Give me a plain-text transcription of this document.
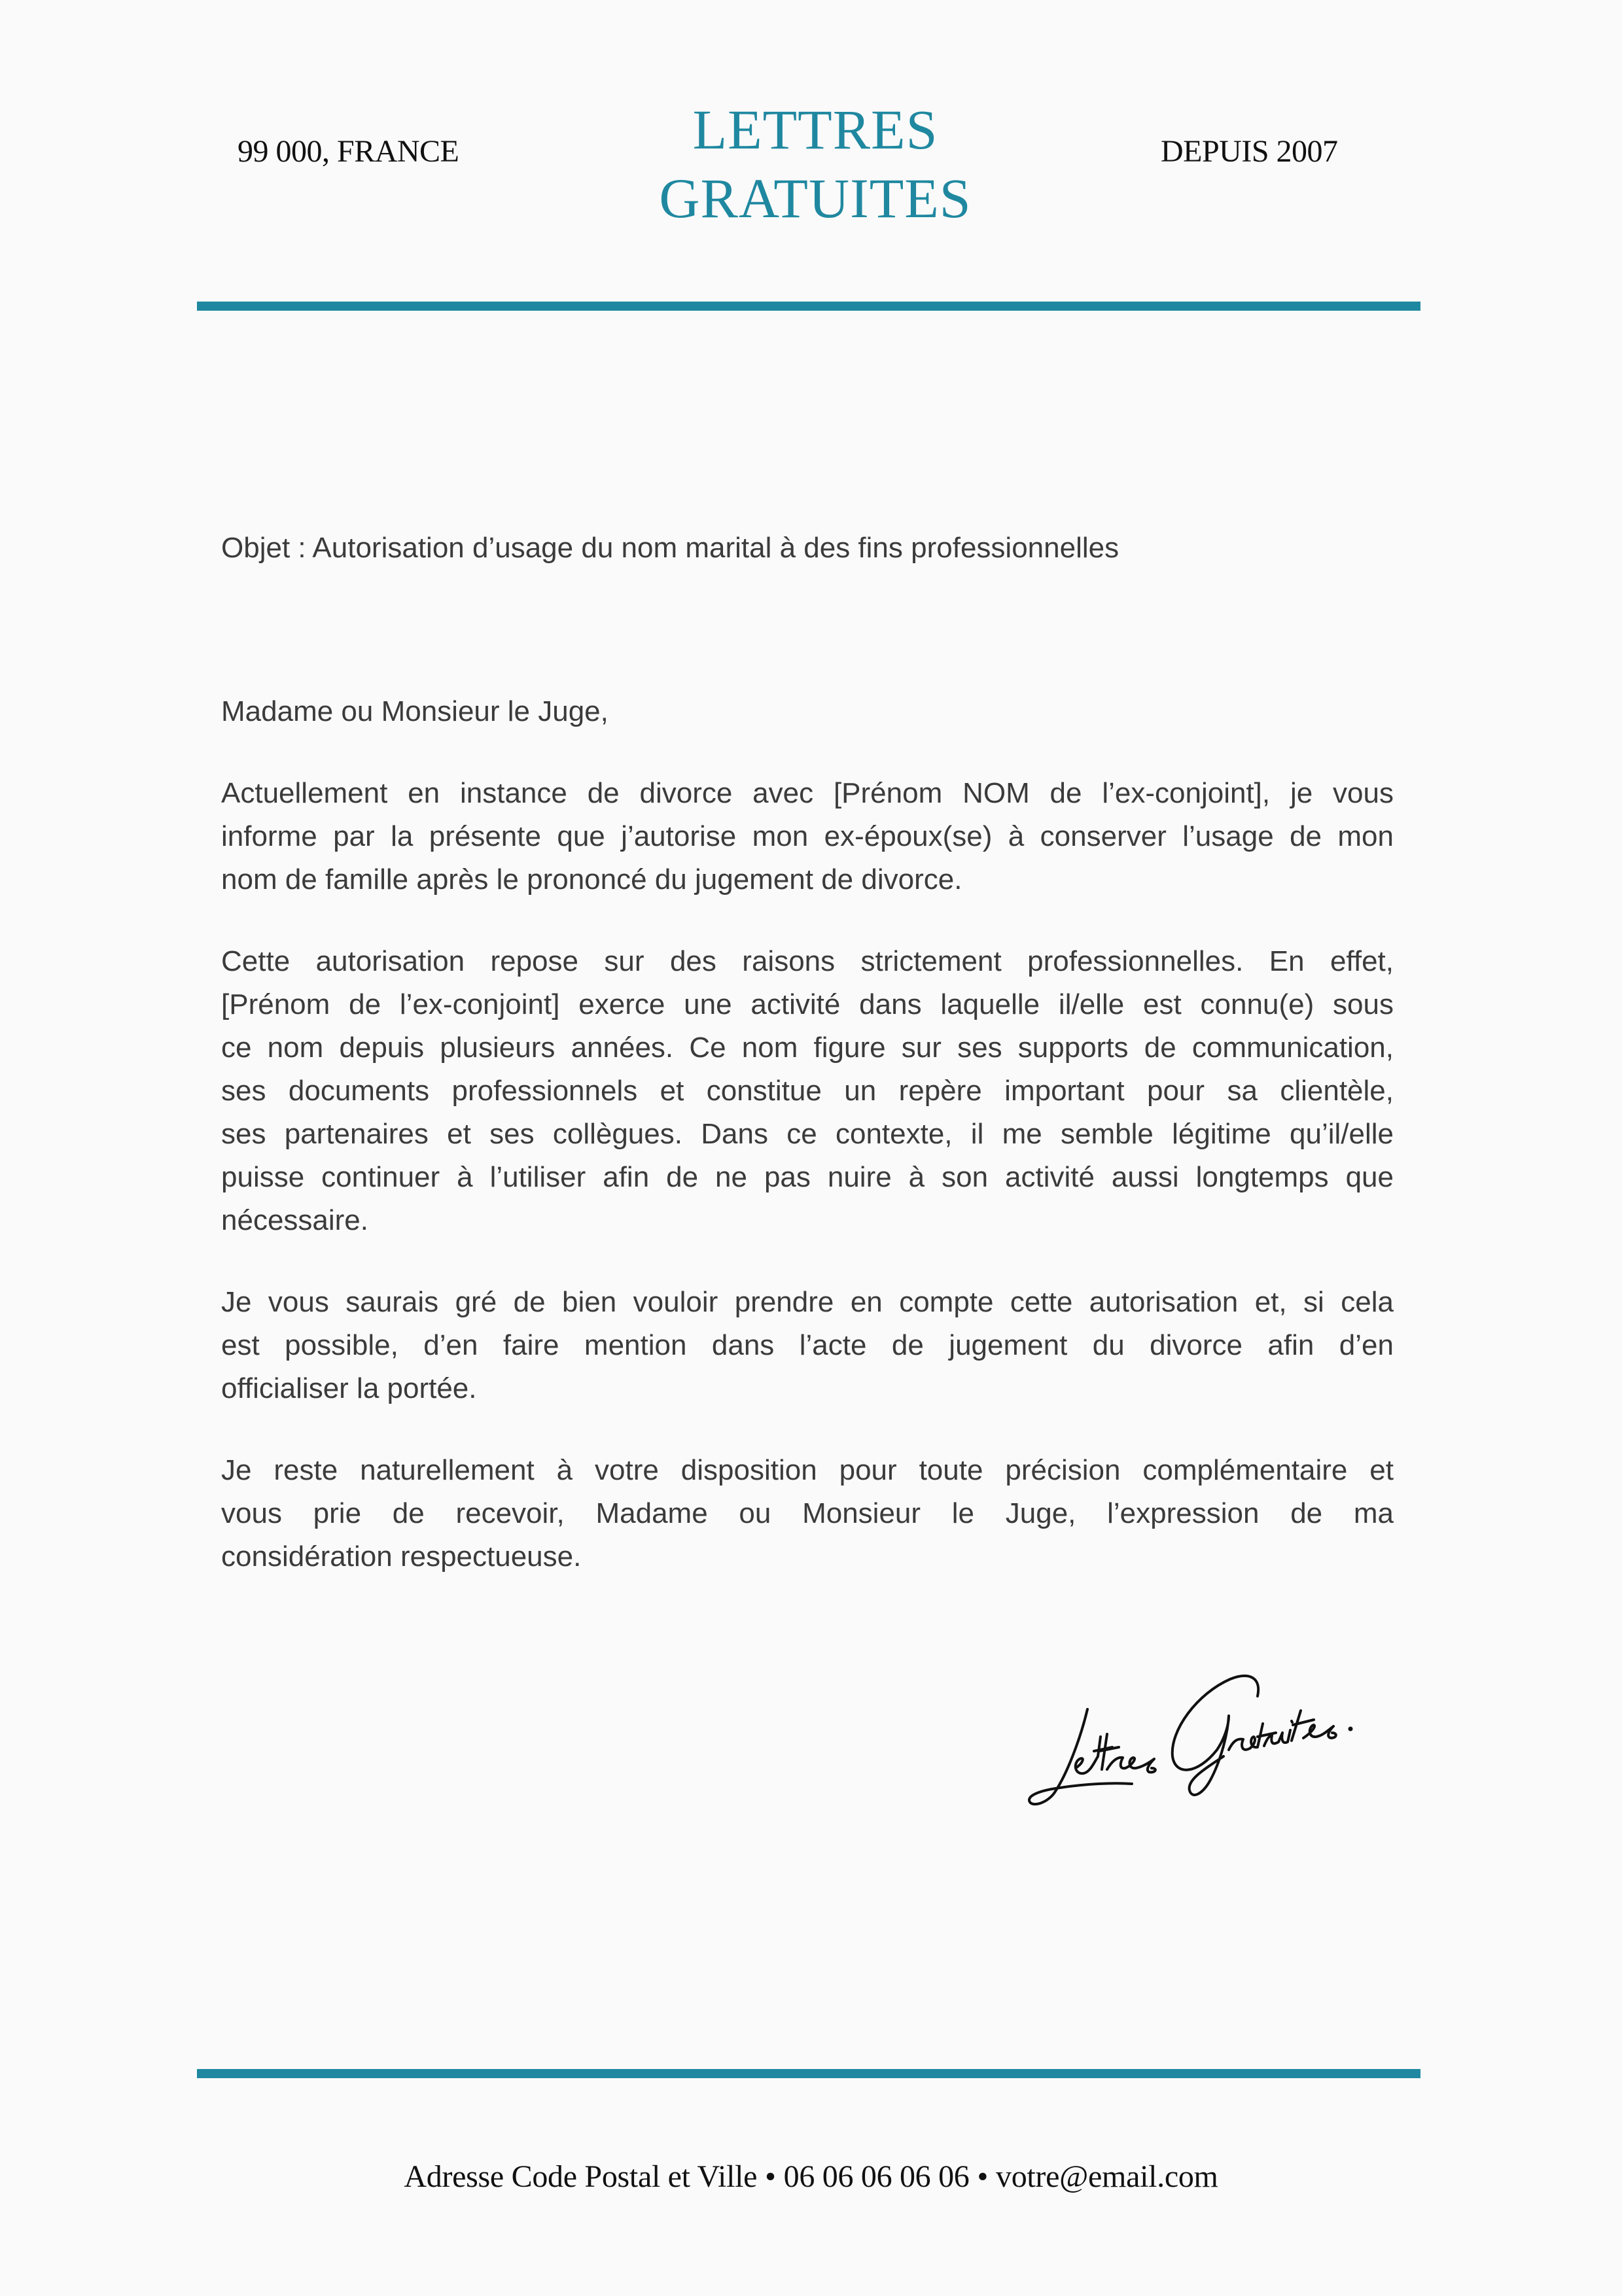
99 000, FRANCE	LETTRES
GRATUITES
DEPUIS 2007

Objet : Autorisation d’usage du nom marital à des fins professionnelles

Madame ou Monsieur le Juge,

Actuellement en instance de divorce avec [Prénom NOM de l’ex-conjoint], je vous
informe par la présente que j’autorise mon ex-époux(se) à conserver l’usage de mon
nom de famille après le prononcé du jugement de divorce.

Cette autorisation repose sur des raisons strictement professionnelles. En effet,
[Prénom de l’ex-conjoint] exerce une activité dans laquelle il/elle est connu(e) sous
ce nom depuis plusieurs années. Ce nom figure sur ses supports de communication,
ses documents professionnels et constitue un repère important pour sa clientèle,
ses partenaires et ses collègues. Dans ce contexte, il me semble légitime qu’il/elle
puisse continuer à l’utiliser afin de ne pas nuire à son activité aussi longtemps que
nécessaire.

Je vous saurais gré de bien vouloir prendre en compte cette autorisation et, si cela
est possible, d’en faire mention dans l’acte de jugement du divorce afin d’en
officialiser la portée.

Je reste naturellement à votre disposition pour toute précision complémentaire et
vous prie de recevoir, Madame ou Monsieur le Juge, l’expression de ma
considération respectueuse.

Adresse Code Postal et Ville • 06 06 06 06 06 • votre@email.com
